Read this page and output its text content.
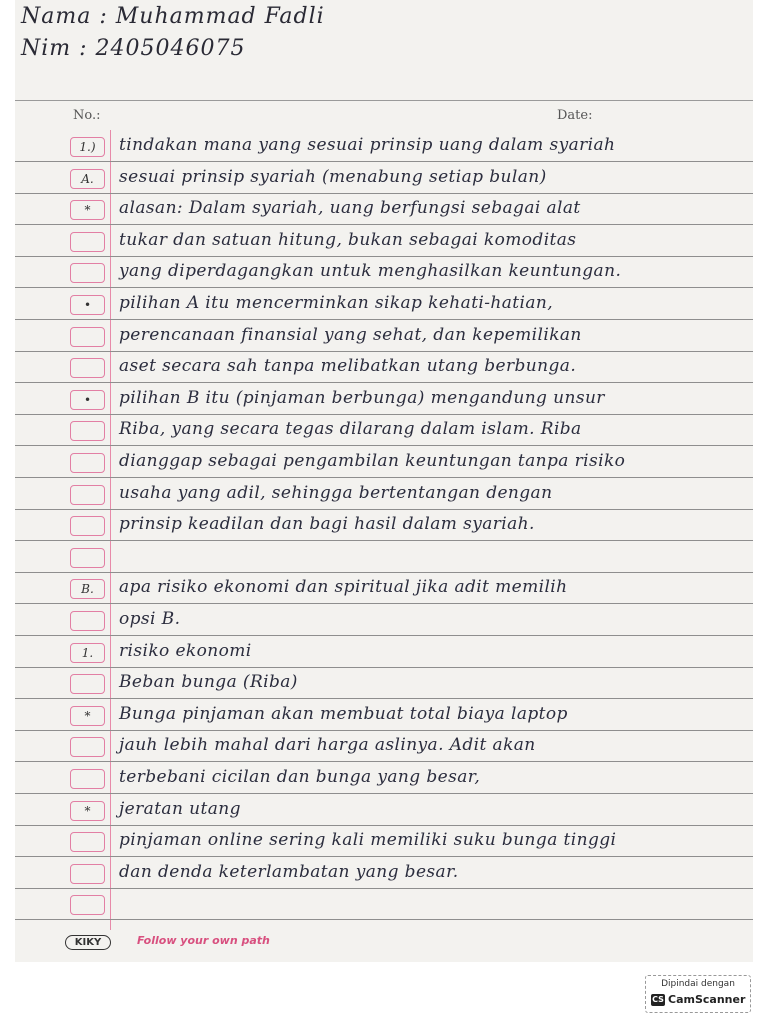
Nama : Muhammad Fadli
Nim : 2405046075
No.:	Date:
1.)	tindakan mana yang sesuai prinsip uang dalam syariah
A.	sesuai prinsip syariah (menabung setiap bulan)
*	alasan: Dalam syariah, uang berfungsi sebagai alat
tukar dan satuan hitung, bukan sebagai komoditas
yang diperdagangkan untuk menghasilkan keuntungan.
•	pilihan A itu mencerminkan sikap kehati-hatian,
perencanaan finansial yang sehat, dan kepemilikan
aset secara sah tanpa melibatkan utang berbunga.
•	pilihan B itu (pinjaman berbunga) mengandung unsur
Riba, yang secara tegas dilarang dalam islam. Riba
dianggap sebagai pengambilan keuntungan tanpa risiko
usaha yang adil, sehingga bertentangan dengan
prinsip keadilan dan bagi hasil dalam syariah.
B.	apa risiko ekonomi dan spiritual jika adit memilih
opsi B.
1.	risiko ekonomi
Beban bunga (Riba)
*	Bunga pinjaman akan membuat total biaya laptop
jauh lebih mahal dari harga aslinya. Adit akan
terbebani cicilan dan bunga yang besar,
*	jeratan utang
pinjaman online sering kali memiliki suku bunga tinggi
dan denda keterlambatan yang besar.
KIKY	Follow your own path
Dipindai dengan
CS CamScanner
